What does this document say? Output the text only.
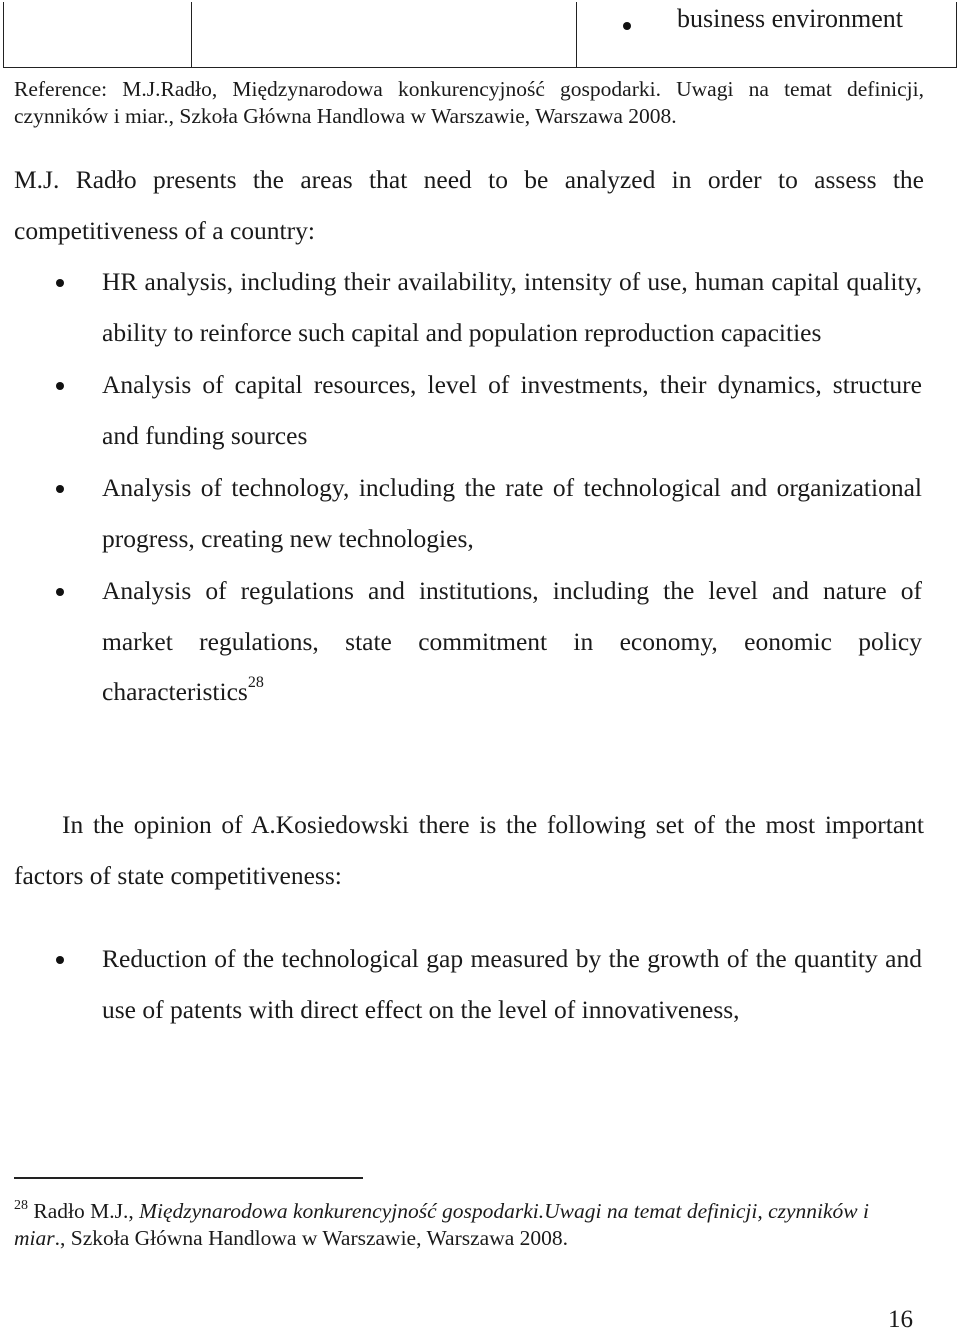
business environment
Reference: M.J.Radło, Międzynarodowa konkurencyjność gospodarki. Uwagi na temat definicji, czynników i miar., Szkoła Główna Handlowa w Warszawie, Warszawa 2008.
M.J. Radło presents the areas that need to be analyzed in order to assess the competitiveness of a country:
HR analysis, including their availability, intensity of use, human capital quality, ability to reinforce such capital and population reproduction capacities
Analysis of capital resources, level of investments, their dynamics, structure and funding sources
Analysis of technology, including the rate of technological and organizational progress, creating new technologies,
Analysis of regulations and institutions, including the level and nature of market regulations, state commitment in economy, eonomic policy characteristics$^{28}$
In the opinion of A.Kosiedowski there is the following set of the most important factors of state competitiveness:
Reduction of the technological gap measured by the growth of the quantity and use of patents with direct effect on the level of innovativeness,
$^{28}$ Radło M.J., Międzynarodowa konkurencyjność gospodarki.Uwagi na temat definicji, czynników i miar., Szkoła Główna Handlowa w Warszawie, Warszawa 2008.
16
